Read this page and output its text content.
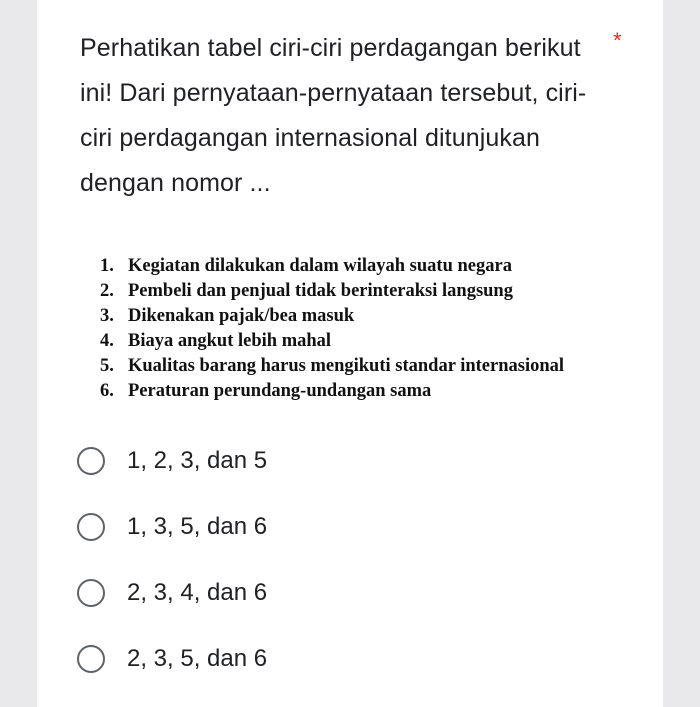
Perhatikan tabel ciri-ciri perdagangan berikut ini! Dari pernyataan-pernyataan tersebut, ciri-ciri perdagangan internasional ditunjukan dengan nomor ...

*
1. Kegiatan dilakukan dalam wilayah suatu negara
2. Pembeli dan penjual tidak berinteraksi langsung
3. Dikenakan pajak/bea masuk
4. Biaya angkut lebih mahal
5. Kualitas barang harus mengikuti standar internasional
6. Peraturan perundang-undangan sama
1, 2, 3, dan 5
1, 3, 5, dan 6
2, 3, 4, dan 6
2, 3, 5, dan 6
